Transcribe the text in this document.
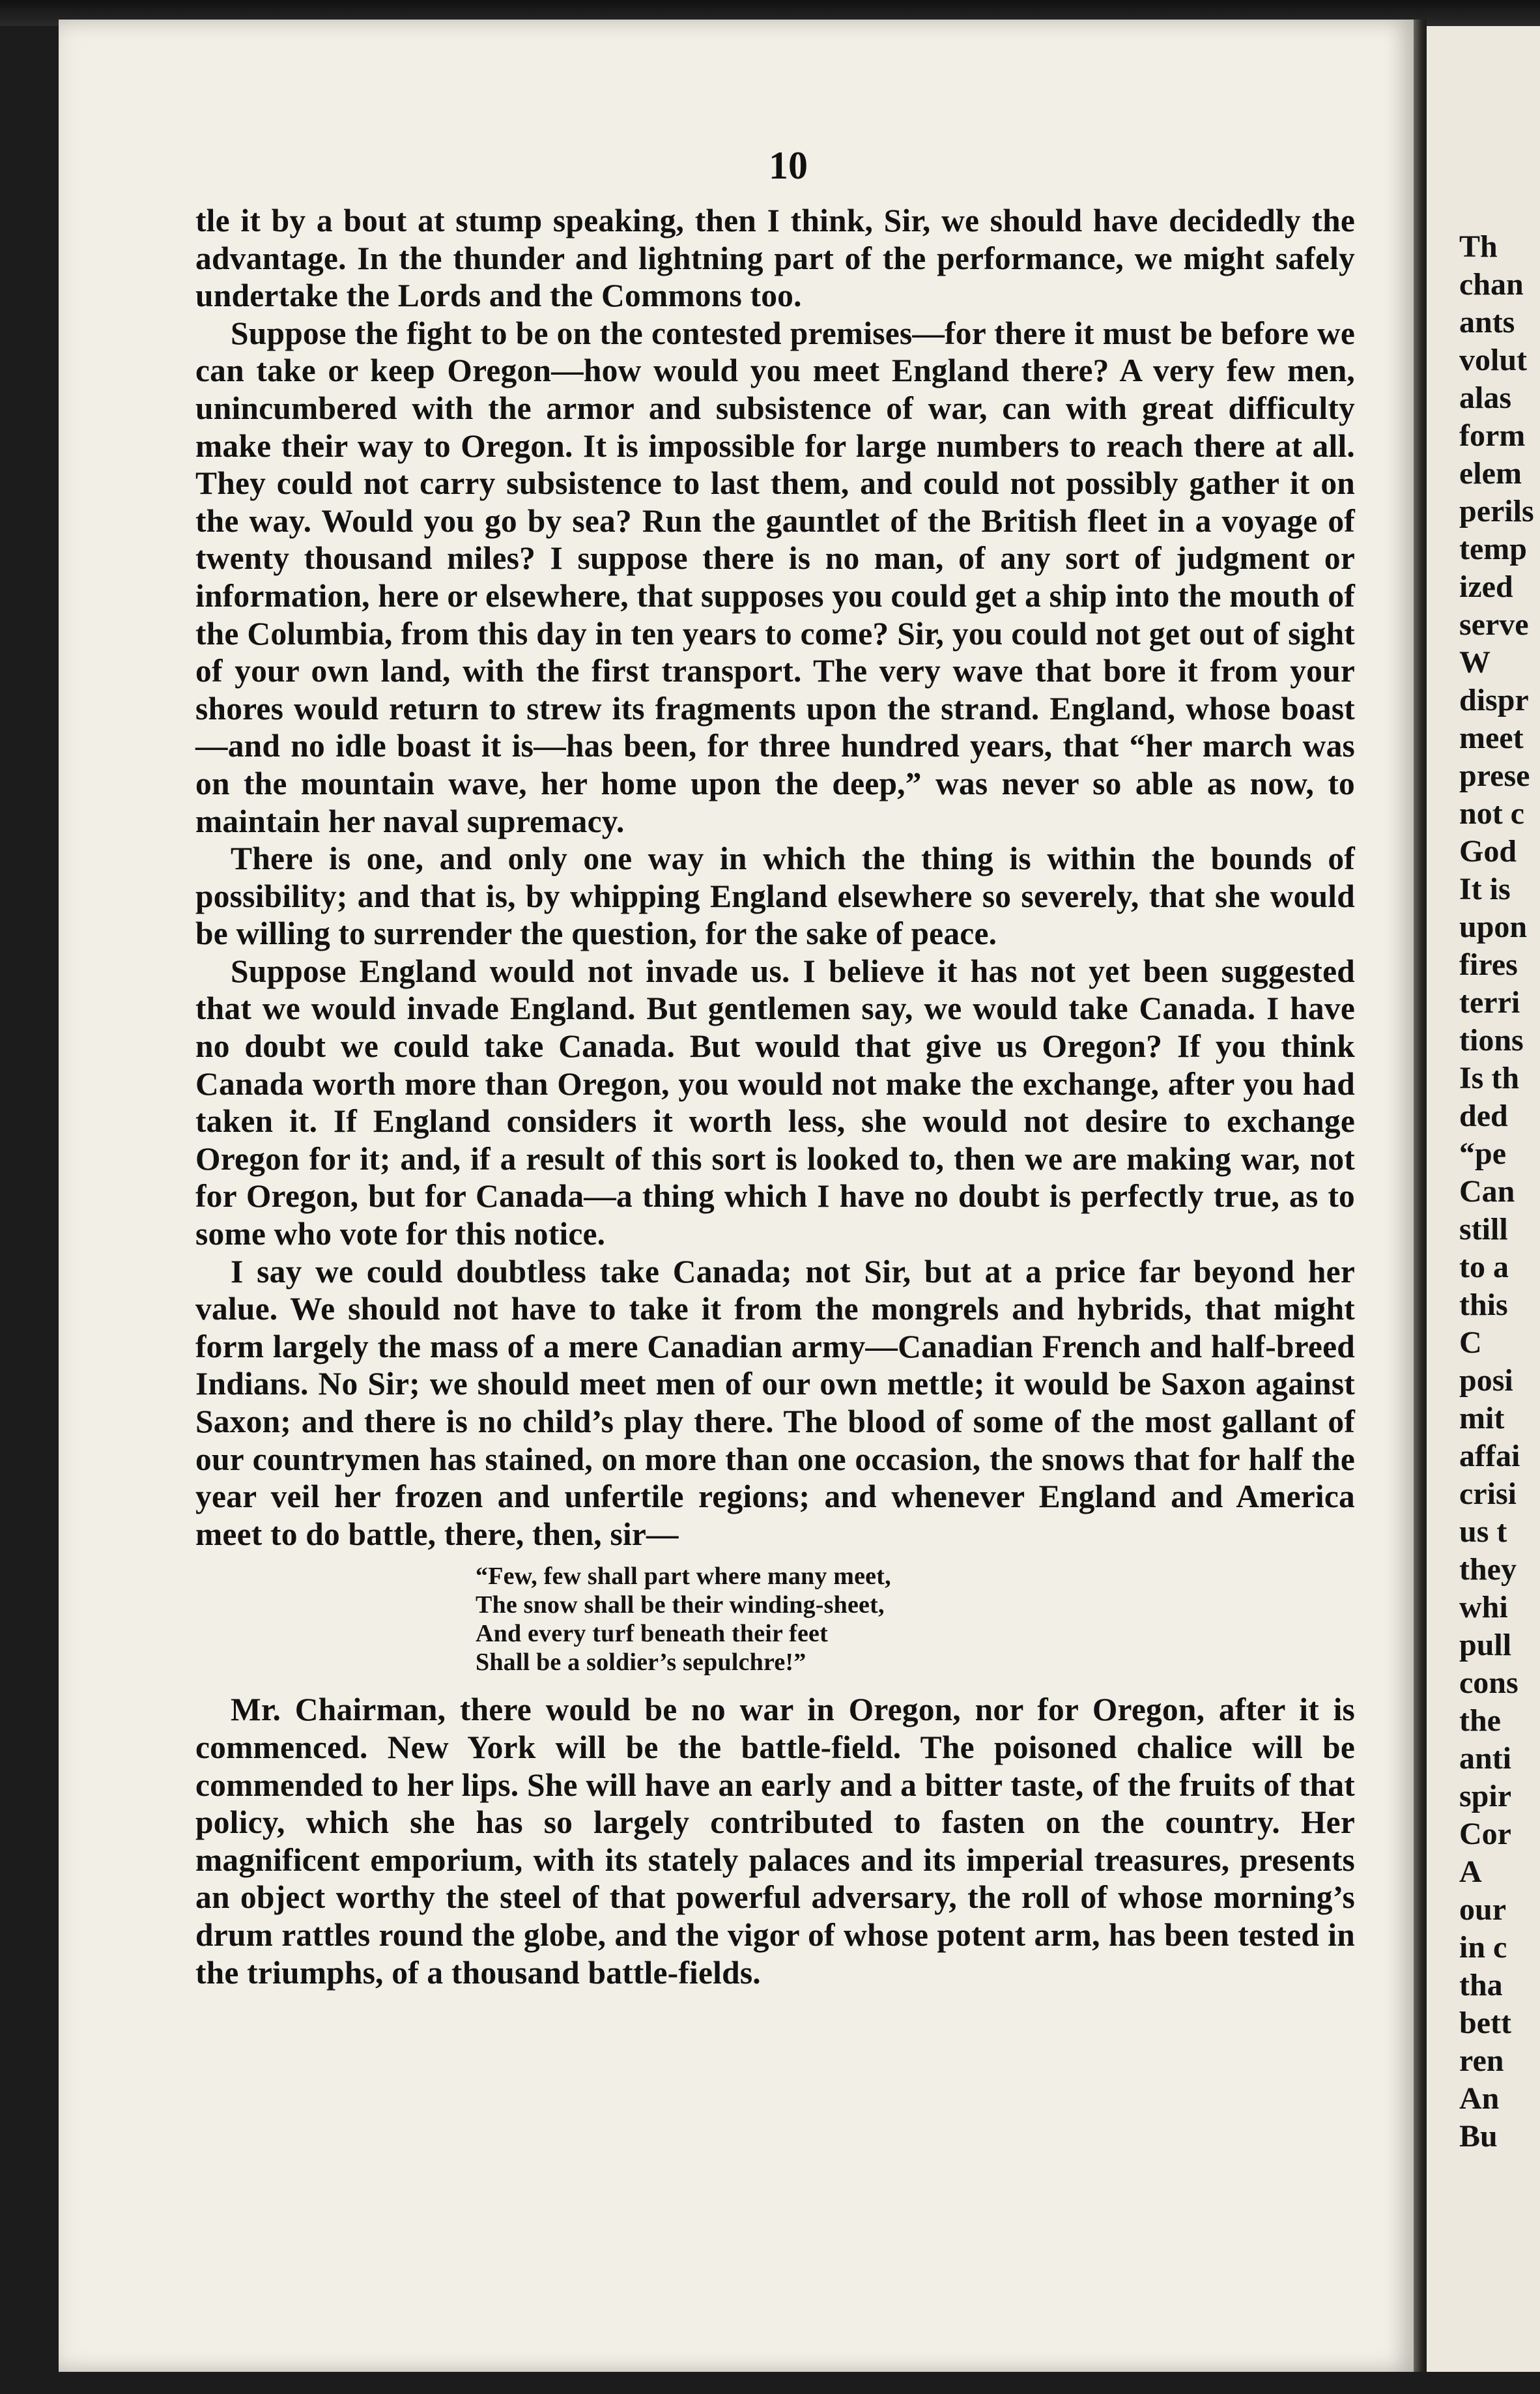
10

tle it by a bout at stump speaking, then I think, Sir, we should have decidedly the advantage. In the thunder and lightning part of the performance, we might safely undertake the Lords and the Commons too.

Suppose the fight to be on the contested premises—for there it must be before we can take or keep Oregon—how would you meet England there? A very few men, unincumbered with the armor and subsistence of war, can with great difficulty make their way to Oregon. It is impossible for large numbers to reach there at all. They could not carry subsistence to last them, and could not possibly gather it on the way. Would you go by sea? Run the gauntlet of the British fleet in a voyage of twenty thousand miles? I suppose there is no man, of any sort of judgment or information, here or elsewhere, that supposes you could get a ship into the mouth of the Columbia, from this day in ten years to come? Sir, you could not get out of sight of your own land, with the first transport. The very wave that bore it from your shores would return to strew its fragments upon the strand. England, whose boast—and no idle boast it is—has been, for three hundred years, that “her march was on the mountain wave, her home upon the deep,” was never so able as now, to maintain her naval supremacy.

There is one, and only one way in which the thing is within the bounds of possibility; and that is, by whipping England elsewhere so severely, that she would be willing to surrender the question, for the sake of peace.

Suppose England would not invade us. I believe it has not yet been suggested that we would invade England. But gentlemen say, we would take Canada. I have no doubt we could take Canada. But would that give us Oregon? If you think Canada worth more than Oregon, you would not make the exchange, after you had taken it. If England considers it worth less, she would not desire to exchange Oregon for it; and, if a result of this sort is looked to, then we are making war, not for Oregon, but for Canada—a thing which I have no doubt is perfectly true, as to some who vote for this notice.

I say we could doubtless take Canada; not Sir, but at a price far beyond her value. We should not have to take it from the mongrels and hybrids, that might form largely the mass of a mere Canadian army—Canadian French and half-breed Indians. No Sir; we should meet men of our own mettle; it would be Saxon against Saxon; and there is no child’s play there. The blood of some of the most gallant of our countrymen has stained, on more than one occasion, the snows that for half the year veil her frozen and unfertile regions; and whenever England and America meet to do battle, there, then, sir—

“Few, few shall part where many meet,
The snow shall be their winding-sheet,
And every turf beneath their feet
Shall be a soldier’s sepulchre!”

Mr. Chairman, there would be no war in Oregon, nor for Oregon, after it is commenced. New York will be the battle-field. The poisoned chalice will be commended to her lips. She will have an early and a bitter taste, of the fruits of that policy, which she has so largely contributed to fasten on the country. Her magnificent emporium, with its stately palaces and its imperial treasures, presents an object worthy the steel of that powerful adversary, the roll of whose morning’s drum rattles round the globe, and the vigor of whose potent arm, has been tested in the triumphs, of a thousand battle-fields.

Th
chan
ants
volut
alas
form
elem
perils
temp
ized
serve
W
dispr
meet
prese
not c
God
It is
upon
fires
terri
tions
Is th
ded
“pe
Can
still
to a
this
C
posi
mit
affai
crisi
us t
they
whi
pull
cons
the
anti
spir
Cor
A
our
in c
tha
bett
ren
An
Bu
